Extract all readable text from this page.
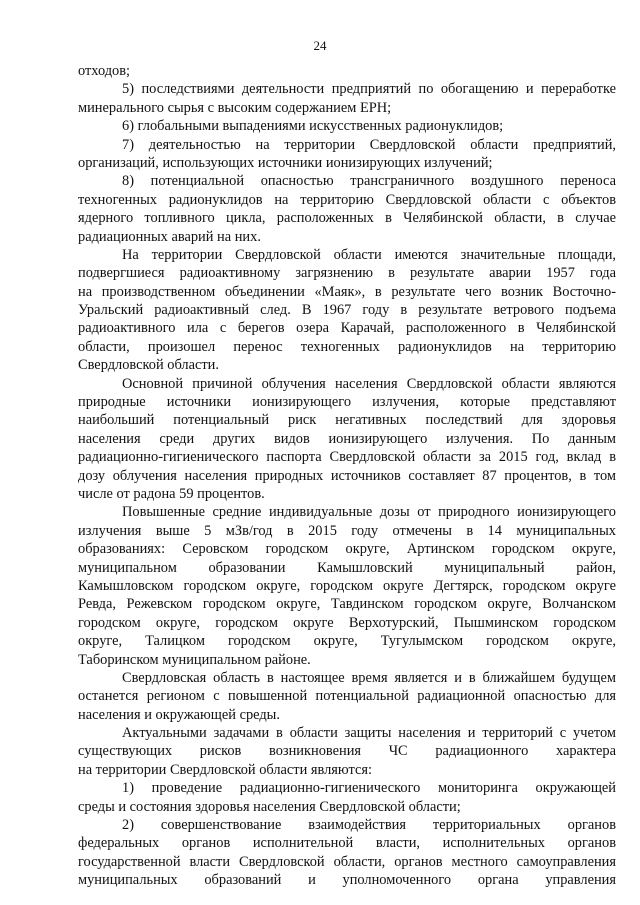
24
отходов;
5) последствиями деятельности предприятий по обогащению и переработке
минерального сырья с высоким содержанием ЕРН;
6) глобальными выпадениями искусственных радионуклидов;
7) деятельностью на территории Свердловской области предприятий,
организаций, использующих источники ионизирующих излучений;
8) потенциальной опасностью трансграничного воздушного переноса
техногенных радионуклидов на территорию Свердловской области с объектов
ядерного топливного цикла, расположенных в Челябинской области, в случае
радиационных аварий на них.
На территории Свердловской области имеются значительные площади,
подвергшиеся радиоактивному загрязнению в результате аварии 1957 года
на производственном объединении «Маяк», в результате чего возник Восточно-
Уральский радиоактивный след. В 1967 году в результате ветрового подъема
радиоактивного ила с берегов озера Карачай, расположенного в Челябинской
области, произошел перенос техногенных радионуклидов на территорию
Свердловской области.
Основной причиной облучения населения Свердловской области являются
природные источники ионизирующего излучения, которые представляют
наибольший потенциальный риск негативных последствий для здоровья
населения среди других видов ионизирующего излучения. По данным
радиационно-гигиенического паспорта Свердловской области за 2015 год, вклад в
дозу облучения населения природных источников составляет 87 процентов, в том
числе от радона 59 процентов.
Повышенные средние индивидуальные дозы от природного ионизирующего
излучения выше 5 мЗв/год в 2015 году отмечены в 14 муниципальных
образованиях: Серовском городском округе, Артинском городском округе,
муниципальном образовании Камышловский муниципальный район,
Камышловском городском округе, городском округе Дегтярск, городском округе
Ревда, Режевском городском округе, Тавдинском городском округе, Волчанском
городском округе, городском округе Верхотурский, Пышминском городском
округе, Талицком городском округе, Тугулымском городском округе,
Таборинском муниципальном районе.
Свердловская область в настоящее время является и в ближайшем будущем
останется регионом с повышенной потенциальной радиационной опасностью для
населения и окружающей среды.
Актуальными задачами в области защиты населения и территорий с учетом
существующих рисков возникновения ЧС радиационного характера
на территории Свердловской области являются:
1) проведение радиационно-гигиенического мониторинга окружающей
среды и состояния здоровья населения Свердловской области;
2) совершенствование взаимодействия территориальных органов
федеральных органов исполнительной власти, исполнительных органов
государственной власти Свердловской области, органов местного самоуправления
муниципальных образований и уполномоченного органа управления
